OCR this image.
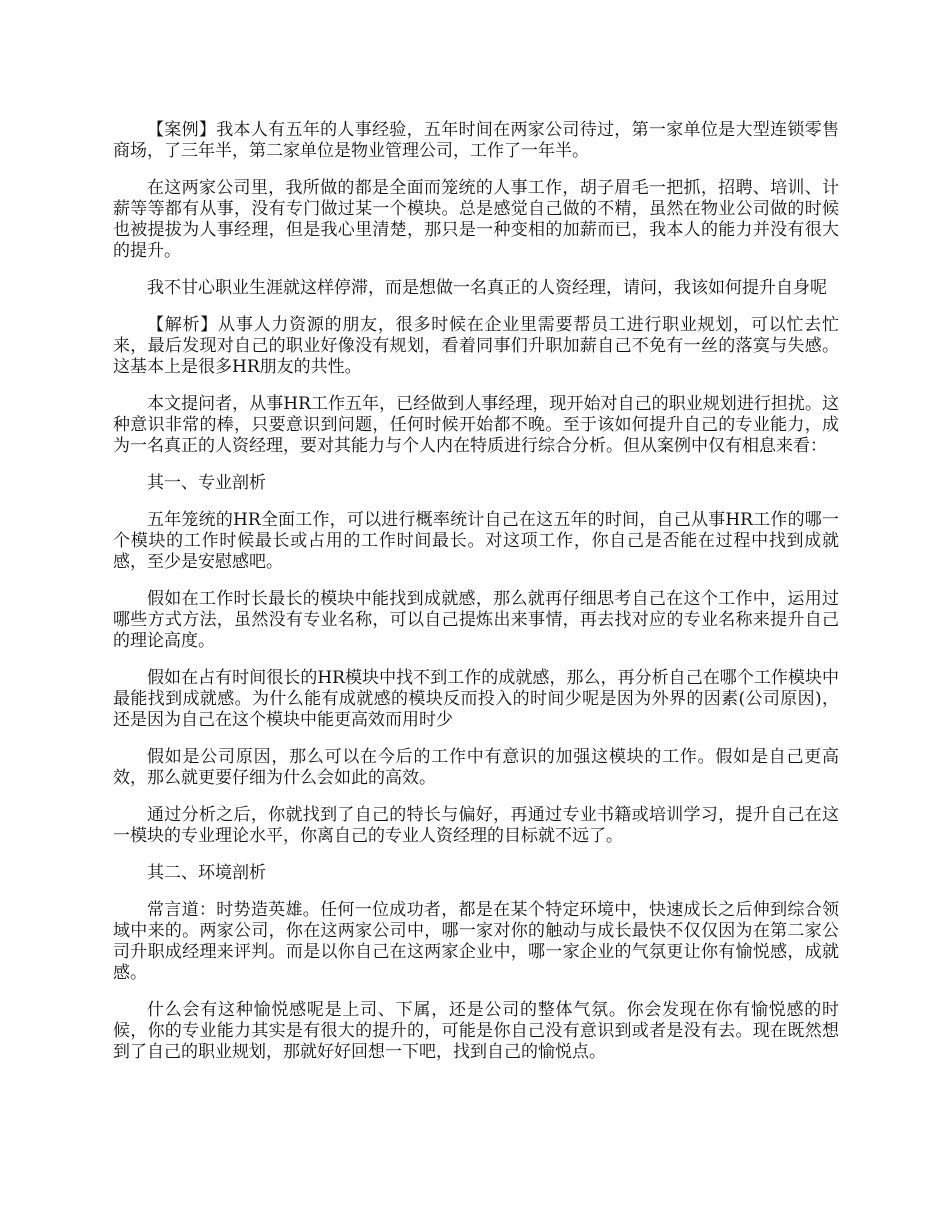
【案例】我本人有五年的人事经验，五年时间在两家公司待过，第一家单位是大型连锁零售商场，了三年半，第二家单位是物业管理公司，工作了一年半。

在这两家公司里，我所做的都是全面而笼统的人事工作，胡子眉毛一把抓，招聘、培训、计薪等等都有从事，没有专门做过某一个模块。总是感觉自己做的不精，虽然在物业公司做的时候也被提拔为人事经理，但是我心里清楚，那只是一种变相的加薪而已，我本人的能力并没有很大的提升。

我不甘心职业生涯就这样停滞，而是想做一名真正的人资经理，请问，我该如何提升自身呢

【解析】从事人力资源的朋友，很多时候在企业里需要帮员工进行职业规划，可以忙去忙来，最后发现对自己的职业好像没有规划，看着同事们升职加薪自己不免有一丝的落寞与失感。这基本上是很多HR朋友的共性。

本文提问者，从事HR工作五年，已经做到人事经理，现开始对自己的职业规划进行担扰。这种意识非常的棒，只要意识到问题，任何时候开始都不晚。至于该如何提升自己的专业能力，成为一名真正的人资经理，要对其能力与个人内在特质进行综合分析。但从案例中仅有相息来看：

其一、专业剖析

五年笼统的HR全面工作，可以进行概率统计自己在这五年的时间，自己从事HR工作的哪一个模块的工作时候最长或占用的工作时间最长。对这项工作，你自己是否能在过程中找到成就感，至少是安慰感吧。

假如在工作时长最长的模块中能找到成就感，那么就再仔细思考自己在这个工作中，运用过哪些方式方法，虽然没有专业名称，可以自己提炼出来事情，再去找对应的专业名称来提升自己的理论高度。

假如在占有时间很长的HR模块中找不到工作的成就感，那么，再分析自己在哪个工作模块中最能找到成就感。为什么能有成就感的模块反而投入的时间少呢是因为外界的因素(公司原因)，还是因为自己在这个模块中能更高效而用时少

假如是公司原因，那么可以在今后的工作中有意识的加强这模块的工作。假如是自己更高效，那么就更要仔细为什么会如此的高效。

通过分析之后，你就找到了自己的特长与偏好，再通过专业书籍或培训学习，提升自己在这一模块的专业理论水平，你离自己的专业人资经理的目标就不远了。

其二、环境剖析

常言道：时势造英雄。任何一位成功者，都是在某个特定环境中，快速成长之后伸到综合领域中来的。两家公司，你在这两家公司中，哪一家对你的触动与成长最快不仅仅因为在第二家公司升职成经理来评判。而是以你自己在这两家企业中，哪一家企业的气氛更让你有愉悦感，成就感。

什么会有这种愉悦感呢是上司、下属，还是公司的整体气氛。你会发现在你有愉悦感的时候，你的专业能力其实是有很大的提升的，可能是你自己没有意识到或者是没有去。现在既然想到了自己的职业规划，那就好好回想一下吧，找到自己的愉悦点。
